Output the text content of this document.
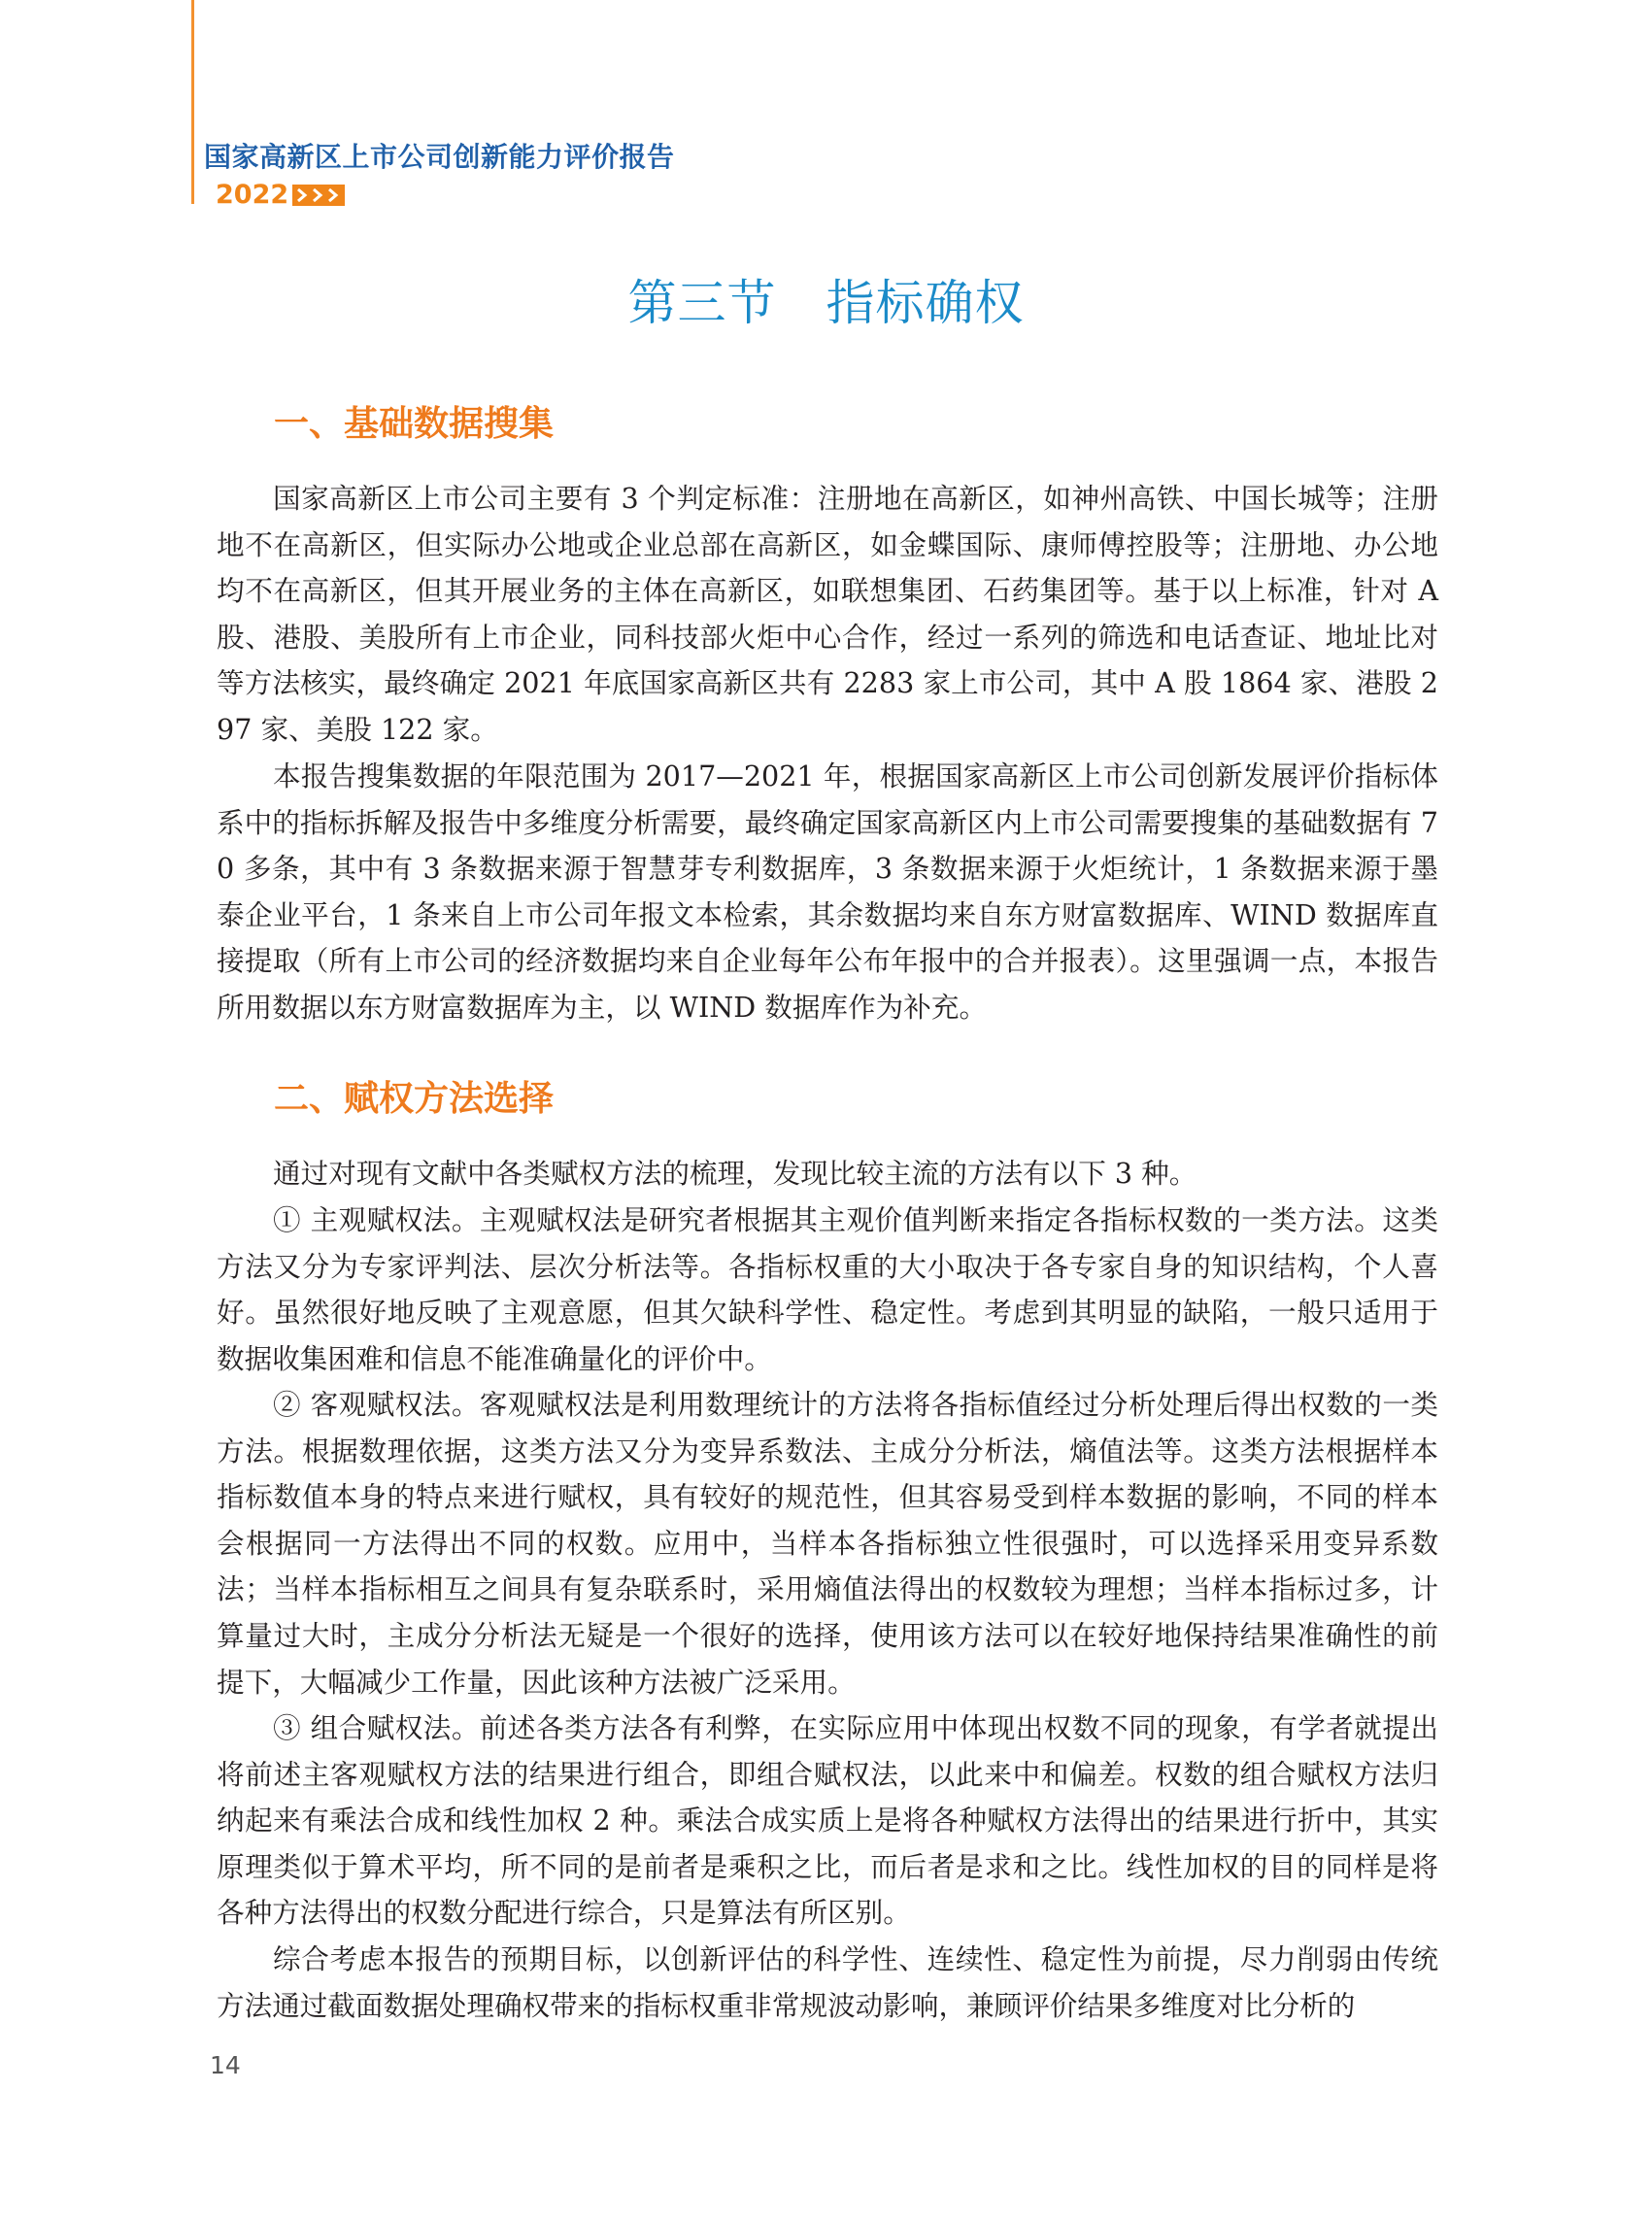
国家高新区上市公司创新能力评价报告
2022
第三节　指标确权
一、基础数据搜集

国家高新区上市公司主要有 3 个判定标准：注册地在高新区，如神州高铁、中国长城等；注册地不在高新区，但实际办公地或企业总部在高新区，如金蝶国际、康师傅控股等；注册地、办公地均不在高新区，但其开展业务的主体在高新区，如联想集团、石药集团等。基于以上标准，针对 A 股、港股、美股所有上市企业，同科技部火炬中心合作，经过一系列的筛选和电话查证、地址比对等方法核实，最终确定 2021 年底国家高新区共有 2283 家上市公司，其中 A 股 1864 家、港股 297 家、美股 122 家。

本报告搜集数据的年限范围为 2017—2021 年，根据国家高新区上市公司创新发展评价指标体系中的指标拆解及报告中多维度分析需要，最终确定国家高新区内上市公司需要搜集的基础数据有 70 多条，其中有 3 条数据来源于智慧芽专利数据库，3 条数据来源于火炬统计，1 条数据来源于墨泰企业平台，1 条来自上市公司年报文本检索，其余数据均来自东方财富数据库、WIND 数据库直接提取（所有上市公司的经济数据均来自企业每年公布年报中的合并报表）。这里强调一点，本报告所用数据以东方财富数据库为主，以 WIND 数据库作为补充。

二、赋权方法选择

通过对现有文献中各类赋权方法的梳理，发现比较主流的方法有以下 3 种。

① 主观赋权法。主观赋权法是研究者根据其主观价值判断来指定各指标权数的一类方法。这类方法又分为专家评判法、层次分析法等。各指标权重的大小取决于各专家自身的知识结构，个人喜好。虽然很好地反映了主观意愿，但其欠缺科学性、稳定性。考虑到其明显的缺陷，一般只适用于数据收集困难和信息不能准确量化的评价中。

② 客观赋权法。客观赋权法是利用数理统计的方法将各指标值经过分析处理后得出权数的一类方法。根据数理依据，这类方法又分为变异系数法、主成分分析法，熵值法等。这类方法根据样本指标数值本身的特点来进行赋权，具有较好的规范性，但其容易受到样本数据的影响，不同的样本会根据同一方法得出不同的权数。应用中，当样本各指标独立性很强时，可以选择采用变异系数法；当样本指标相互之间具有复杂联系时，采用熵值法得出的权数较为理想；当样本指标过多，计算量过大时，主成分分析法无疑是一个很好的选择，使用该方法可以在较好地保持结果准确性的前提下，大幅减少工作量，因此该种方法被广泛采用。

③ 组合赋权法。前述各类方法各有利弊，在实际应用中体现出权数不同的现象，有学者就提出将前述主客观赋权方法的结果进行组合，即组合赋权法，以此来中和偏差。权数的组合赋权方法归纳起来有乘法合成和线性加权 2 种。乘法合成实质上是将各种赋权方法得出的结果进行折中，其实原理类似于算术平均，所不同的是前者是乘积之比，而后者是求和之比。线性加权的目的同样是将各种方法得出的权数分配进行综合，只是算法有所区别。

综合考虑本报告的预期目标，以创新评估的科学性、连续性、稳定性为前提，尽力削弱由传统方法通过截面数据处理确权带来的指标权重非常规波动影响，兼顾评价结果多维度对比分析的

14
